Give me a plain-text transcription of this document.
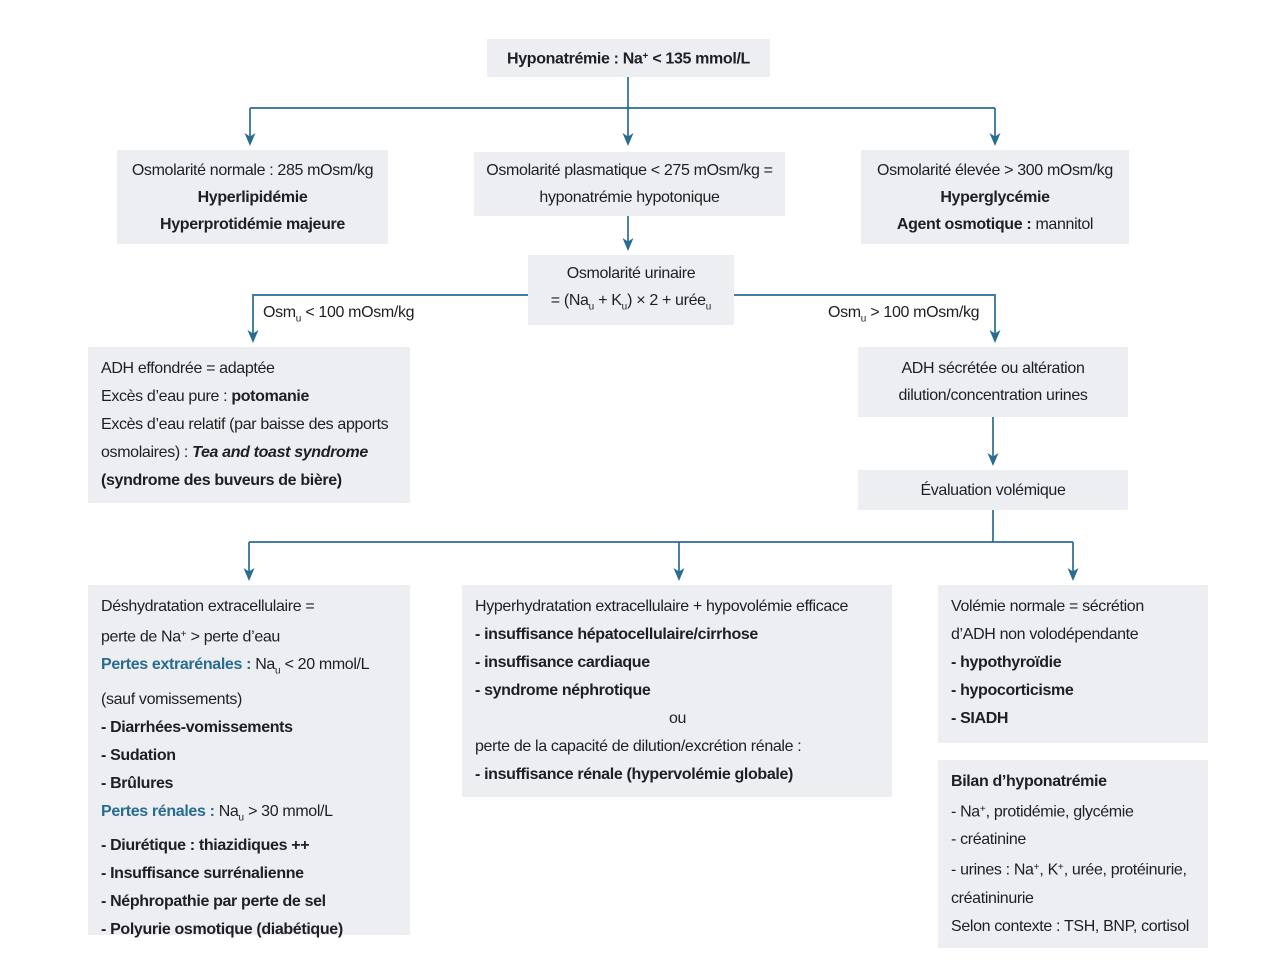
Hyponatrémie : Na+ < 135 mmol/L
Osmolarité normale : 285 mOsm/kg
Hyperlipidémie
Hyperprotidémie majeure
Osmolarité plasmatique < 275 mOsm/kg =
hyponatrémie hypotonique
Osmolarité élevée > 300 mOsm/kg
Hyperglycémie
Agent osmotique : mannitol
Osmolarité urinaire
= $(Na_u + K_u) \times 2$ + urée$_u$
Osm$_u$ < 100 mOsm/kg	Osm$_u$ > 100 mOsm/kg
ADH effondrée = adaptée
Excès d’eau pure : potomanie
Excès d’eau relatif (par baisse des apports
osmolaires) : Tea and toast syndrome
(syndrome des buveurs de bière)
ADH sécrétée ou altération
dilution/concentration urines
Évaluation volémique
Déshydratation extracellulaire =
perte de Na+ > perte d’eau
Pertes extrarénales : $Na_u < 20$ mmol/L
(sauf vomissements)
- Diarrhées-vomissements
- Sudation
- Brûlures
Pertes rénales : $Na_u > 30$ mmol/L
- Diurétique : thiazidiques ++
- Insuffisance surrénalienne
- Néphropathie par perte de sel
- Polyurie osmotique (diabétique)
Hyperhydratation extracellulaire + hypovolémie efficace
- insuffisance hépatocellulaire/cirrhose
- insuffisance cardiaque
- syndrome néphrotique
ou
perte de la capacité de dilution/excrétion rénale :
- insuffisance rénale (hypervolémie globale)
Volémie normale = sécrétion
d’ADH non volodépendante
- hypothyroïdie
- hypocorticisme
- SIADH
Bilan d’hyponatrémie
- Na+, protidémie, glycémie
- créatinine
- urines : Na+, K+, urée, protéinurie,
créatininurie
Selon contexte : TSH, BNP, cortisol
